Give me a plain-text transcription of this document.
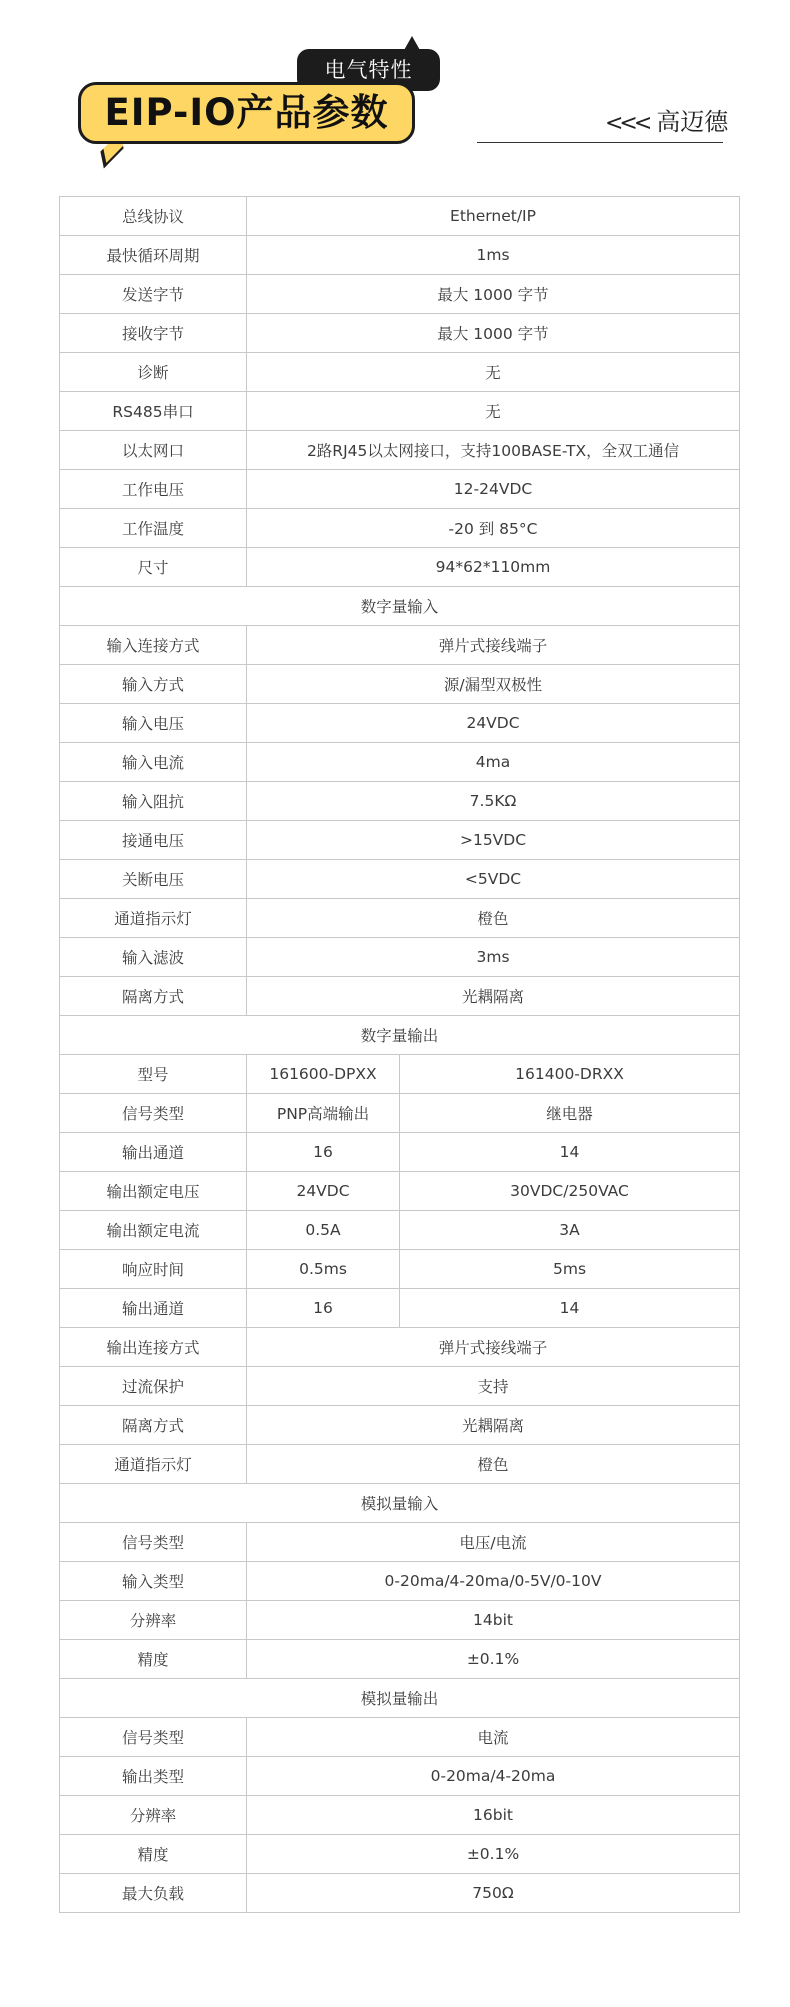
电气特性
EIP-IO产品参数	<<< 高迈德
总线协议	Ethernet/IP	
最快循环周期	1ms	
发送字节	最大 1000 字节	
接收字节	最大 1000 字节	
诊断	无	
RS485串口	无	
以太网口	2路RJ45以太网接口，支持100BASE-TX，全双工通信	
工作电压	12-24VDC	
工作温度	-20 到 85°C	
尺寸	94*62*110mm	
数字量输入		
输入连接方式	弹片式接线端子	
输入方式	源/漏型双极性	
输入电压	24VDC	
输入电流	4ma	
输入阻抗	7.5KΩ	
接通电压	>15VDC	
关断电压	<5VDC	
通道指示灯	橙色	
输入滤波	3ms	
隔离方式	光耦隔离	
数字量输出		
型号	161600-DPXX	161400-DRXX
信号类型	PNP高端输出	继电器
输出通道	16	14
输出额定电压	24VDC	30VDC/250VAC
输出额定电流	0.5A	3A
响应时间	0.5ms	5ms
输出通道	16	14
输出连接方式	弹片式接线端子	
过流保护	支持	
隔离方式	光耦隔离	
通道指示灯	橙色	
模拟量输入		
信号类型	电压/电流	
输入类型	0-20ma/4-20ma/0-5V/0-10V	
分辨率	14bit	
精度	±0.1%	
模拟量输出		
信号类型	电流	
输出类型	0-20ma/4-20ma	
分辨率	16bit	
精度	±0.1%	
最大负载	750Ω	
